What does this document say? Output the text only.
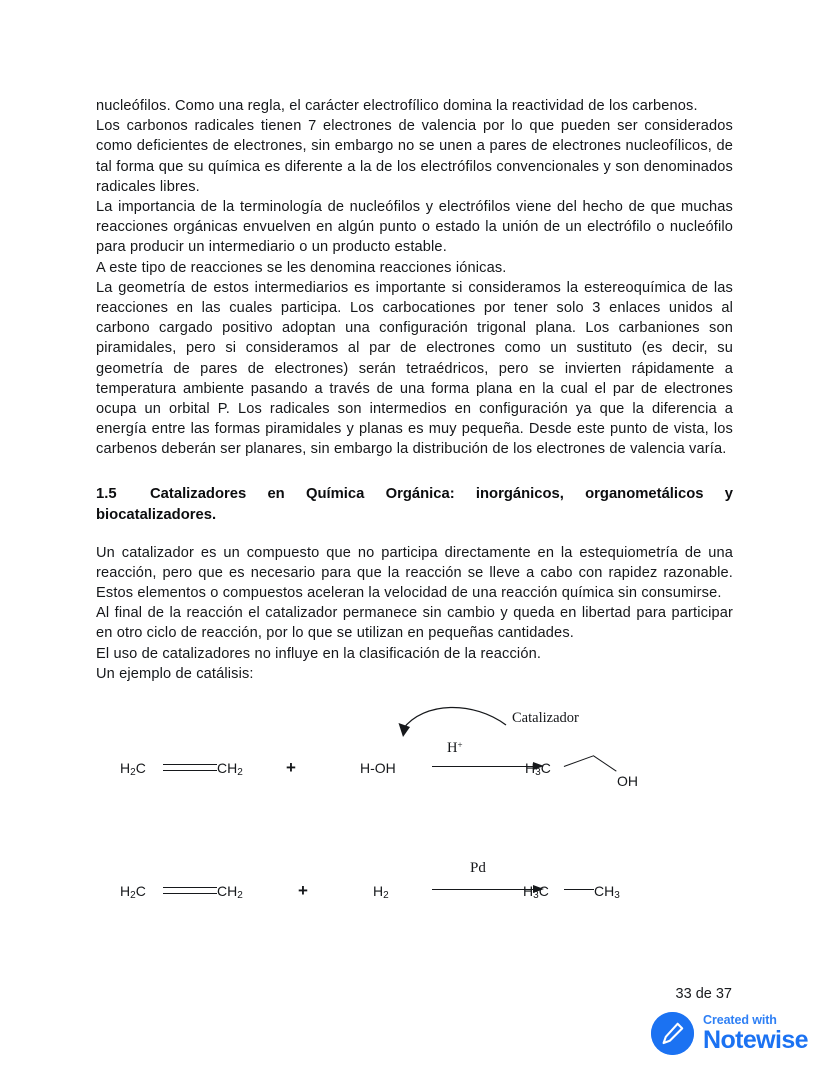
nucleófilos. Como una regla, el carácter electrofílico domina la reactividad de los carbenos.

Los carbonos radicales tienen 7 electrones de valencia por lo que pueden ser considerados como deficientes de electrones, sin embargo no se unen a pares de electrones nucleofílicos, de tal forma que su química es diferente a la de los electrófilos convencionales y son denominados radicales libres.

La importancia de la terminología de nucleófilos y electrófilos viene del hecho de que muchas reacciones orgánicas envuelven en algún punto o estado la unión de un electrófilo o nucleófilo para producir un intermediario o un producto estable.

A este tipo de reacciones se les denomina reacciones iónicas.

La geometría de estos intermediarios es importante si consideramos la estereoquímica de las reacciones en las cuales participa. Los carbocationes por tener solo 3 enlaces unidos al carbono cargado positivo adoptan una configuración trigonal plana. Los carbaniones son piramidales, pero si consideramos al par de electrones como un sustituto (es decir, su geometría de pares de electrones) serán tetraédricos, pero se invierten rápidamente a temperatura ambiente pasando a través de una forma plana en la cual el par de electrones ocupa un orbital P. Los radicales son intermedios en configuración ya que la diferencia a energía entre las formas piramidales y planas es muy pequeña. Desde este punto de vista, los carbenos deberán ser planares, sin embargo la distribución de los electrones de valencia varía.

1.5 Catalizadores en Química Orgánica: inorgánicos, organometálicos y biocatalizadores.

Un catalizador es un compuesto que no participa directamente en la estequiometría de una reacción, pero que es necesario para que la reacción se lleve a cabo con rapidez razonable. Estos elementos o compuestos aceleran la velocidad de una reacción química sin consumirse.

Al final de la reacción el catalizador permanece sin cambio y queda en libertad para participar en otro ciclo de reacción, por lo que se utilizan en pequeñas cantidades.

El uso de catalizadores no influye en la clasificación de la reacción.

Un ejemplo de catálisis:

Catalizador
H+
$H_2C$	$CH_2$	+	H-OH	$H_3C$
OH
$H_2C$	$CH_2$	+	$H_2$
Pd
$H_3C$	$CH_3$
33 de 37
Created with
Notewise
